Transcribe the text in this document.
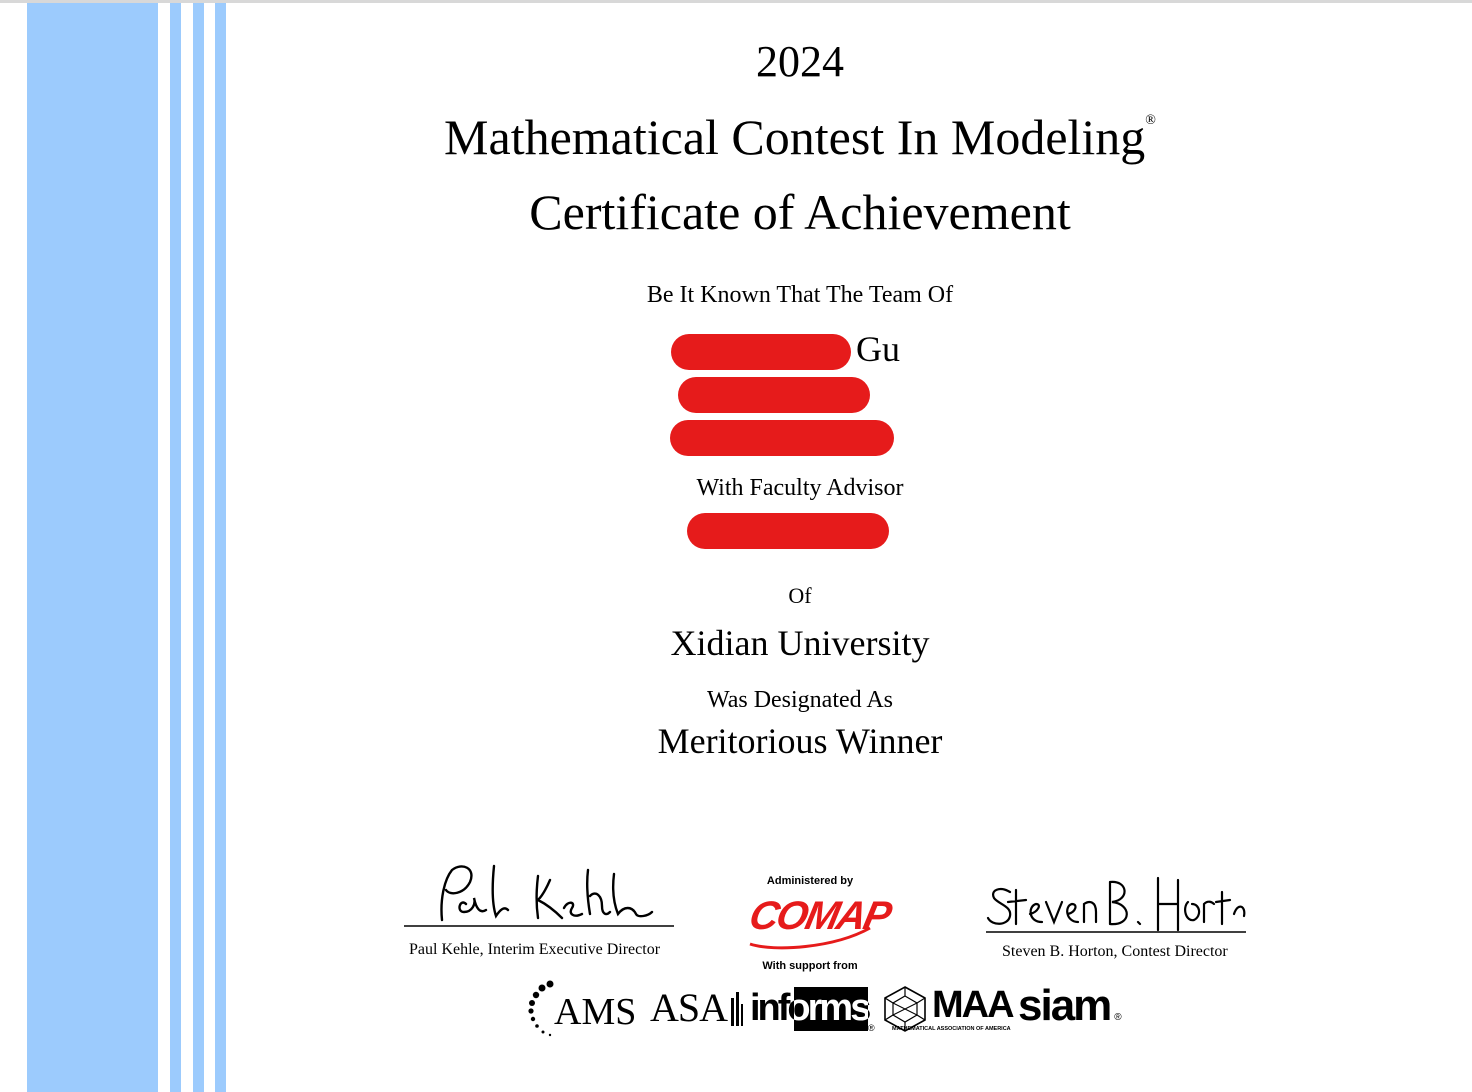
2024
Mathematical Contest In Modeling®
Certificate of Achievement
Be It Known That The Team Of
Gu
With Faculty Advisor
Of
Xidian University
Was Designated As
Meritorious Winner
Paul Kehle, Interim Executive Director	Steven B. Horton, Contest Director
Administered by
COMAP
With support from
AMS ASA informs ®
MAA
MATHEMATICAL ASSOCIATION OF AMERICA siam ®
